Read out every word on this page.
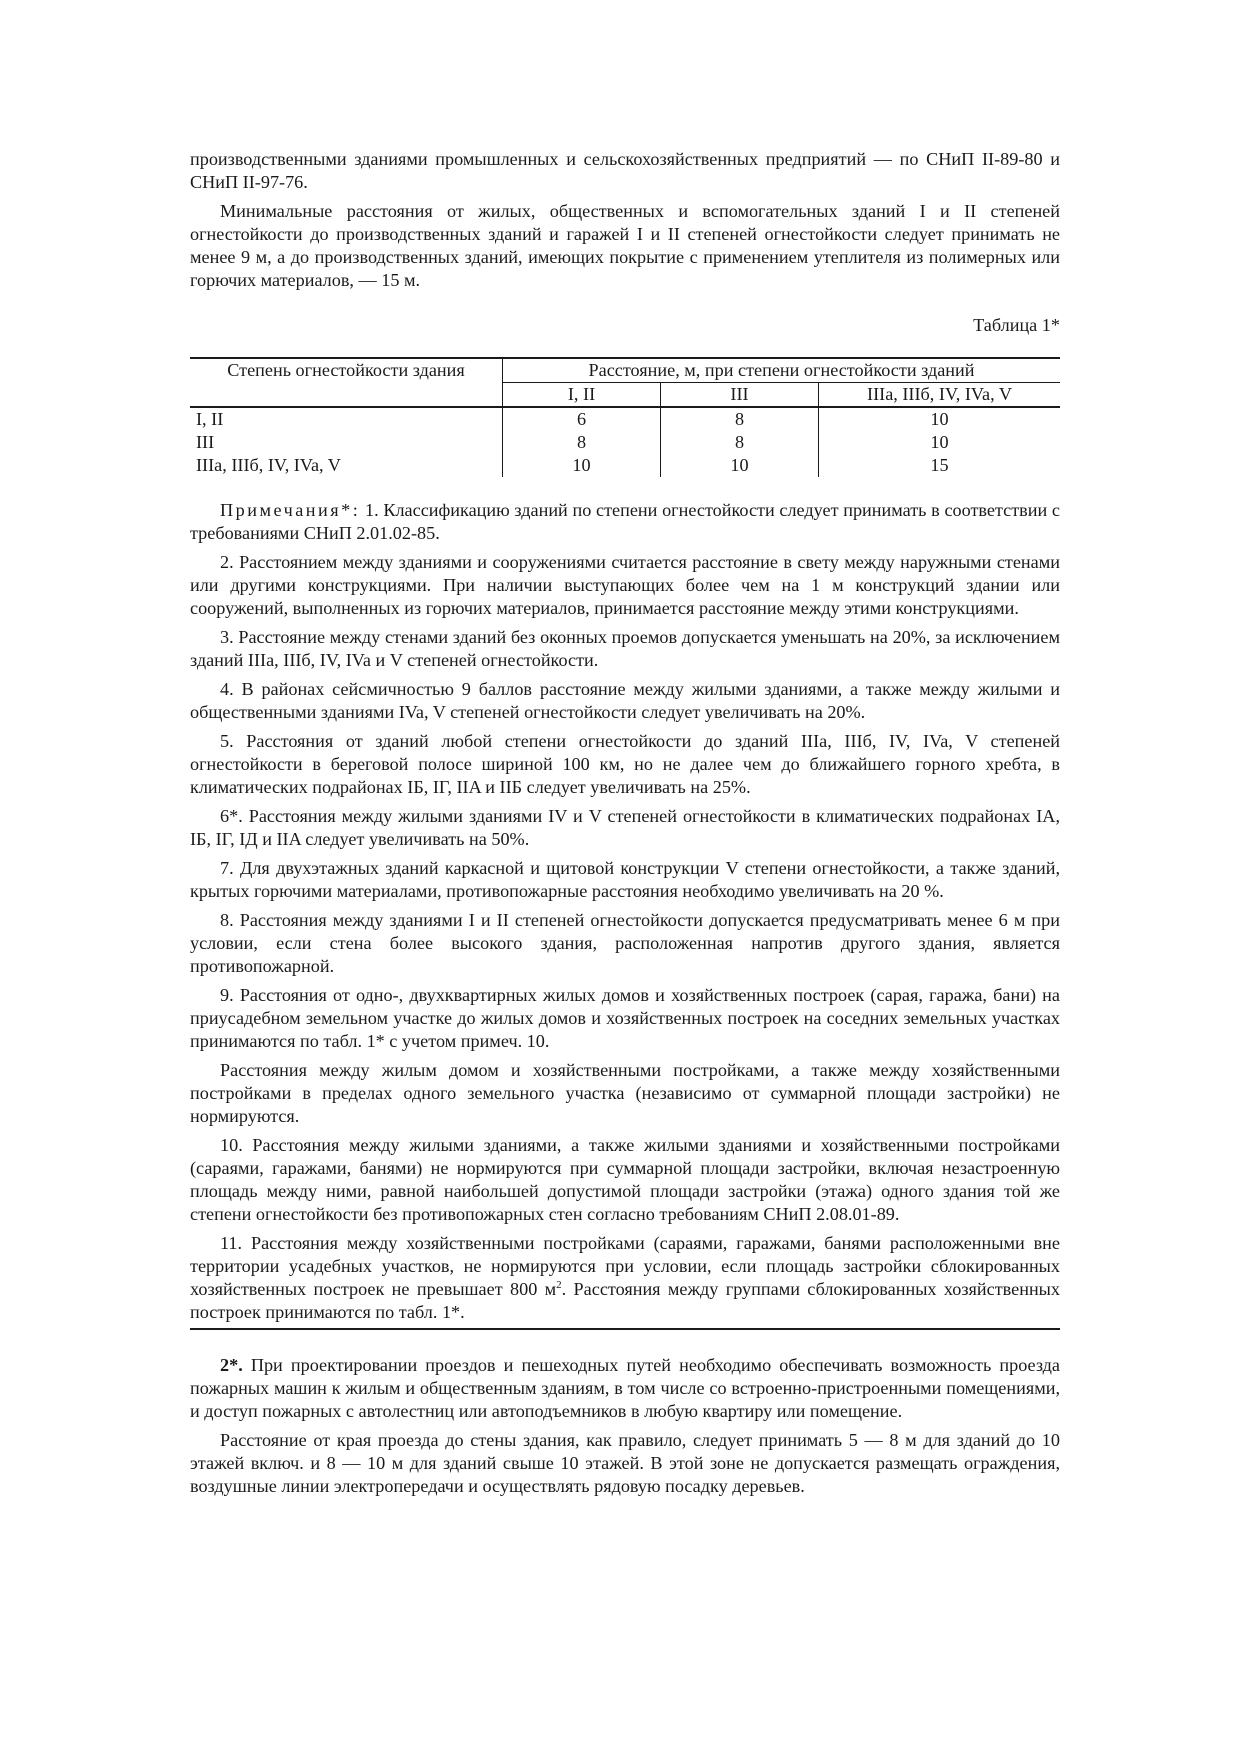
производственными зданиями промышленных и сельскохозяйственных предприятий — по СНиП II-89-80 и СНиП II-97-76.

Минимальные расстояния от жилых, общественных и вспомогательных зданий I и II степеней огнестойкости до производственных зданий и гаражей I и II степеней огнестойкости следует принимать не менее 9 м, а до производственных зданий, имеющих покрытие с применением утеплителя из полимерных или горючих материалов, — 15 м.

Таблица 1*

Степень огнестойкости здания	Расстояние, м, при степени огнестойкости зданий		
	I, II	III	IIIa, IIIб, IV, IVa, V
I, II	6	8	10
III	8	8	10
IIIa, IIIб, IV, IVa, V	10	10	15

Примечания*: 1. Классификацию зданий по степени огнестойкости следует принимать в соответствии с требованиями СНиП 2.01.02-85.

2. Расстоянием между зданиями и сооружениями считается расстояние в свету между наружными стенами или другими конструкциями. При наличии выступающих более чем на 1 м конструкций здании или сооружений, выполненных из горючих материалов, принимается расстояние между этими конструкциями.

3. Расстояние между стенами зданий без оконных проемов допускается уменьшать на 20%, за исключением зданий IIIa, IIIб, IV, IVa и V степеней огнестойкости.

4. В районах сейсмичностью 9 баллов расстояние между жилыми зданиями, а также между жилыми и общественными зданиями IVa, V степеней огнестойкости следует увеличивать на 20%.

5. Расстояния от зданий любой степени огнестойкости до зданий IIIa, IIIб, IV, IVa, V степеней огнестойкости в береговой полосе шириной 100 км, но не далее чем до ближайшего горного хребта, в климатических подрайонах IБ, IГ, IIA и IIБ следует увеличивать на 25%.

6*. Расстояния между жилыми зданиями IV и V степеней огнестойкости в климатических подрайонах IA, IБ, IГ, IД и IIA следует увеличивать на 50%.

7. Для двухэтажных зданий каркасной и щитовой конструкции V степени огнестойкости, а также зданий, крытых горючими материалами, противопожарные расстояния необходимо увеличивать на 20 %.

8. Расстояния между зданиями I и II степеней огнестойкости допускается предусматривать менее 6 м при условии, если стена более высокого здания, расположенная напротив другого здания, является противопожарной.

9. Расстояния от одно-, двухквартирных жилых домов и хозяйственных построек (сарая, гаража, бани) на приусадебном земельном участке до жилых домов и хозяйственных построек на соседних земельных участках принимаются по табл. 1* с учетом примеч. 10.

Расстояния между жилым домом и хозяйственными постройками, а также между хозяйственными постройками в пределах одного земельного участка (независимо от суммарной площади застройки) не нормируются.

10. Расстояния между жилыми зданиями, а также жилыми зданиями и хозяйственными постройками (сараями, гаражами, банями) не нормируются при суммарной площади застройки, включая незастроенную площадь между ними, равной наибольшей допустимой площади застройки (этажа) одного здания той же степени огнестойкости без противопожарных стен согласно требованиям СНиП 2.08.01-89.

11. Расстояния между хозяйственными постройками (сараями, гаражами, банями расположенными вне территории усадебных участков, не нормируются при условии, если площадь застройки сблокированных хозяйственных построек не превышает 800 $м^2$. Расстояния между группами сблокированных хозяйственных построек принимаются по табл. 1*.

2*. При проектировании проездов и пешеходных путей необходимо обеспечивать возможность проезда пожарных машин к жилым и общественным зданиям, в том числе со встроенно-пристроенными помещениями, и доступ пожарных с автолестниц или автоподъемников в любую квартиру или помещение.

Расстояние от края проезда до стены здания, как правило, следует принимать 5 — 8 м для зданий до 10 этажей включ. и 8 — 10 м для зданий свыше 10 этажей. В этой зоне не допускается размещать ограждения, воздушные линии электропередачи и осуществлять рядовую посадку деревьев.
